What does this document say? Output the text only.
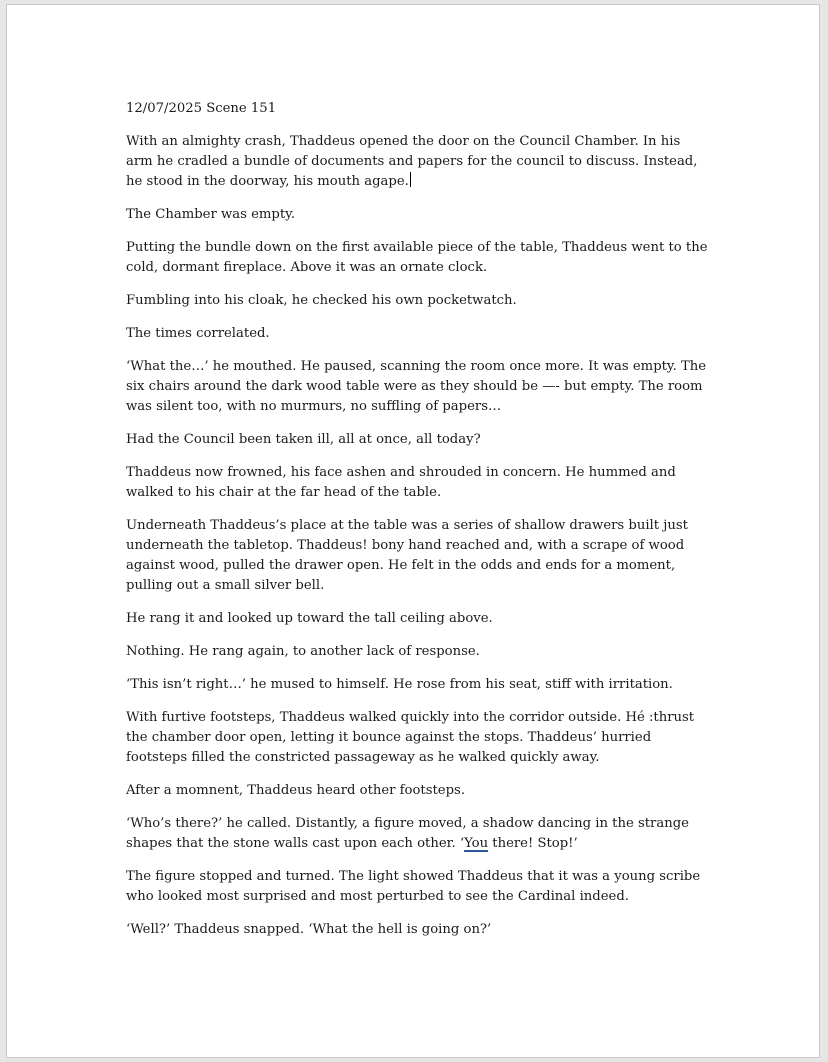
12/07/2025 Scene 151

With an almighty crash, Thaddeus opened the door on the Council Chamber. In his arm he cradled a bundle of documents and papers for the council to discuss. Instead, he stood in the doorway, his mouth agape.

The Chamber was empty.

Putting the bundle down on the first available piece of the table, Thaddeus went to the cold, dormant fireplace. Above it was an ornate clock.

Fumbling into his cloak, he checked his own pocketwatch.

The times correlated.

‘What the…’ he mouthed. He paused, scanning the room once more. It was empty. The six chairs around the dark wood table were as they should be —- but empty. The room was silent too, with no murmurs, no suffling of papers…

Had the Council been taken ill, all at once, all today?

Thaddeus now frowned, his face ashen and shrouded in concern. He hummed and walked to his chair at the far head of the table.

Underneath Thaddeus’s place at the table was a series of shallow drawers built just underneath the tabletop. Thaddeus! bony hand reached and, with a scrape of wood against wood, pulled the drawer open. He felt in the odds and ends for a moment, pulling out a small silver bell.

He rang it and looked up toward the tall ceiling above.

Nothing. He rang again, to another lack of response.

‘This isn’t right…’ he mused to himself. He rose from his seat, stiff with irritation.

With furtive footsteps, Thaddeus walked quickly into the corridor outside. Hé :thrust the chamber door open, letting it bounce against the stops. Thaddeus’ hurried footsteps filled the constricted passageway as he walked quickly away.

After a momnent, Thaddeus heard other footsteps.

‘Who’s there?’ he called. Distantly, a figure moved, a shadow dancing in the strange shapes that the stone walls cast upon each other. ‘You there! Stop!’

The figure stopped and turned. The light showed Thaddeus that it was a young scribe who looked most surprised and most perturbed to see the Cardinal indeed.

‘Well?’ Thaddeus snapped. ‘What the hell is going on?’
